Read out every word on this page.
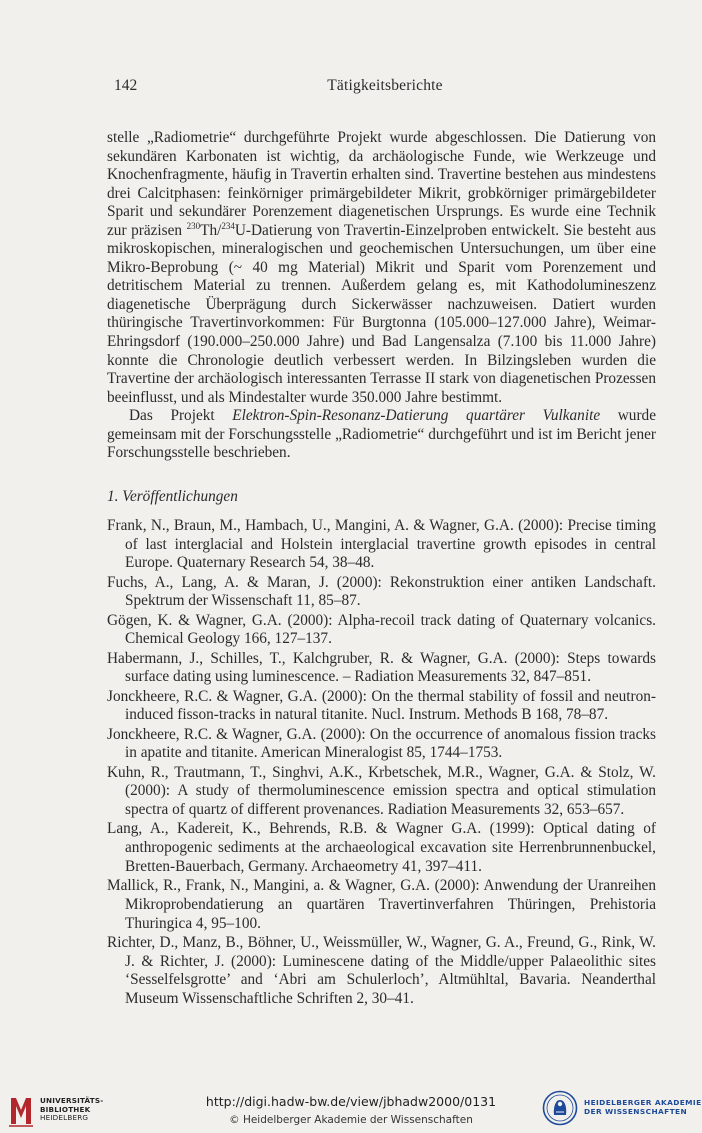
142	Tätigkeitsberichte

stelle „Radiometrie“ durchgeführte Projekt wurde abgeschlossen. Die Datierung von sekundären Karbonaten ist wichtig, da archäologische Funde, wie Werkzeuge und Knochenfragmente, häufig in Travertin erhalten sind. Travertine bestehen aus mindestens drei Calcitphasen: feinkörniger primärgebildeter Mikrit, grobkörniger primärgebildeter Sparit und sekundärer Porenzement diagenetischen Ursprungs. Es wurde eine Technik zur präzisen $^{230}$Th/$^{234}$U-Datierung von Travertin-Einzelproben entwickelt. Sie besteht aus mikroskopischen, mineralogischen und geochemischen Untersuchungen, um über eine Mikro-Beprobung (~ 40 mg Material) Mikrit und Sparit vom Porenzement und detritischem Material zu trennen. Außerdem gelang es, mit Kathodolumineszenz diagenetische Überprägung durch Sickerwässer nachzuweisen. Datiert wurden thüringische Travertinvorkommen: Für Burgtonna (105.000–127.000 Jahre), Weimar-Ehringsdorf (190.000–250.000 Jahre) und Bad Langensalza (7.100 bis 11.000 Jahre) konnte die Chronologie deutlich verbessert werden. In Bilzingsleben wurden die Travertine der archäologisch interessanten Terrasse II stark von diagenetischen Prozessen beeinflusst, und als Mindestalter wurde 350.000 Jahre bestimmt.

Das Projekt Elektron-Spin-Resonanz-Datierung quartärer Vulkanite wurde gemeinsam mit der Forschungsstelle „Radiometrie“ durchgeführt und ist im Bericht jener Forschungsstelle beschrieben.

1. Veröffentlichungen

Frank, N., Braun, M., Hambach, U., Mangini, A. & Wagner, G.A. (2000): Precise timing of last interglacial and Holstein interglacial travertine growth episodes in central Europe. Quaternary Research 54, 38–48.

Fuchs, A., Lang, A. & Maran, J. (2000): Rekonstruktion einer antiken Landschaft. Spektrum der Wissenschaft 11, 85–87.

Gögen, K. & Wagner, G.A. (2000): Alpha-recoil track dating of Quaternary volcanics. Chemical Geology 166, 127–137.

Habermann, J., Schilles, T., Kalchgruber, R. & Wagner, G.A. (2000): Steps towards surface dating using luminescence. – Radiation Measurements 32, 847–851.

Jonckheere, R.C. & Wagner, G.A. (2000): On the thermal stability of fossil and neutron-induced fisson-tracks in natural titanite. Nucl. Instrum. Methods B 168, 78–87.

Jonckheere, R.C. & Wagner, G.A. (2000): On the occurrence of anomalous fission tracks in apatite and titanite. American Mineralogist 85, 1744–1753.

Kuhn, R., Trautmann, T., Singhvi, A.K., Krbetschek, M.R., Wagner, G.A. & Stolz, W. (2000): A study of thermoluminescence emission spectra and optical stimulation spectra of quartz of different provenances. Radiation Measurements 32, 653–657.

Lang, A., Kadereit, K., Behrends, R.B. & Wagner G.A. (1999): Optical dating of anthropogenic sediments at the archaeological excavation site Herrenbrunnenbuckel, Bretten-Bauerbach, Germany. Archaeometry 41, 397–411.

Mallick, R., Frank, N., Mangini, a. & Wagner, G.A. (2000): Anwendung der Uranreihen Mikroprobendatierung an quartären Travertinverfahren Thüringen, Prehistoria Thuringica 4, 95–100.

Richter, D., Manz, B., Böhner, U., Weissmüller, W., Wagner, G. A., Freund, G., Rink, W. J. & Richter, J. (2000): Luminescene dating of the Middle/upper Palaeolithic sites ‘Sesselfelsgrotte’ and ‘Abri am Schulerloch’, Altmühltal, Bavaria. Neanderthal Museum Wissenschaftliche Schriften 2, 30–41.

UNIVERSITÄTS-
BIBLIOTHEK
HEIDELBERG
http://digi.hadw-bw.de/view/jbhadw2000/0131
© Heidelberger Akademie der Wissenschaften
HEIDELBERGER AKADEMIE
DER WISSENSCHAFTEN
